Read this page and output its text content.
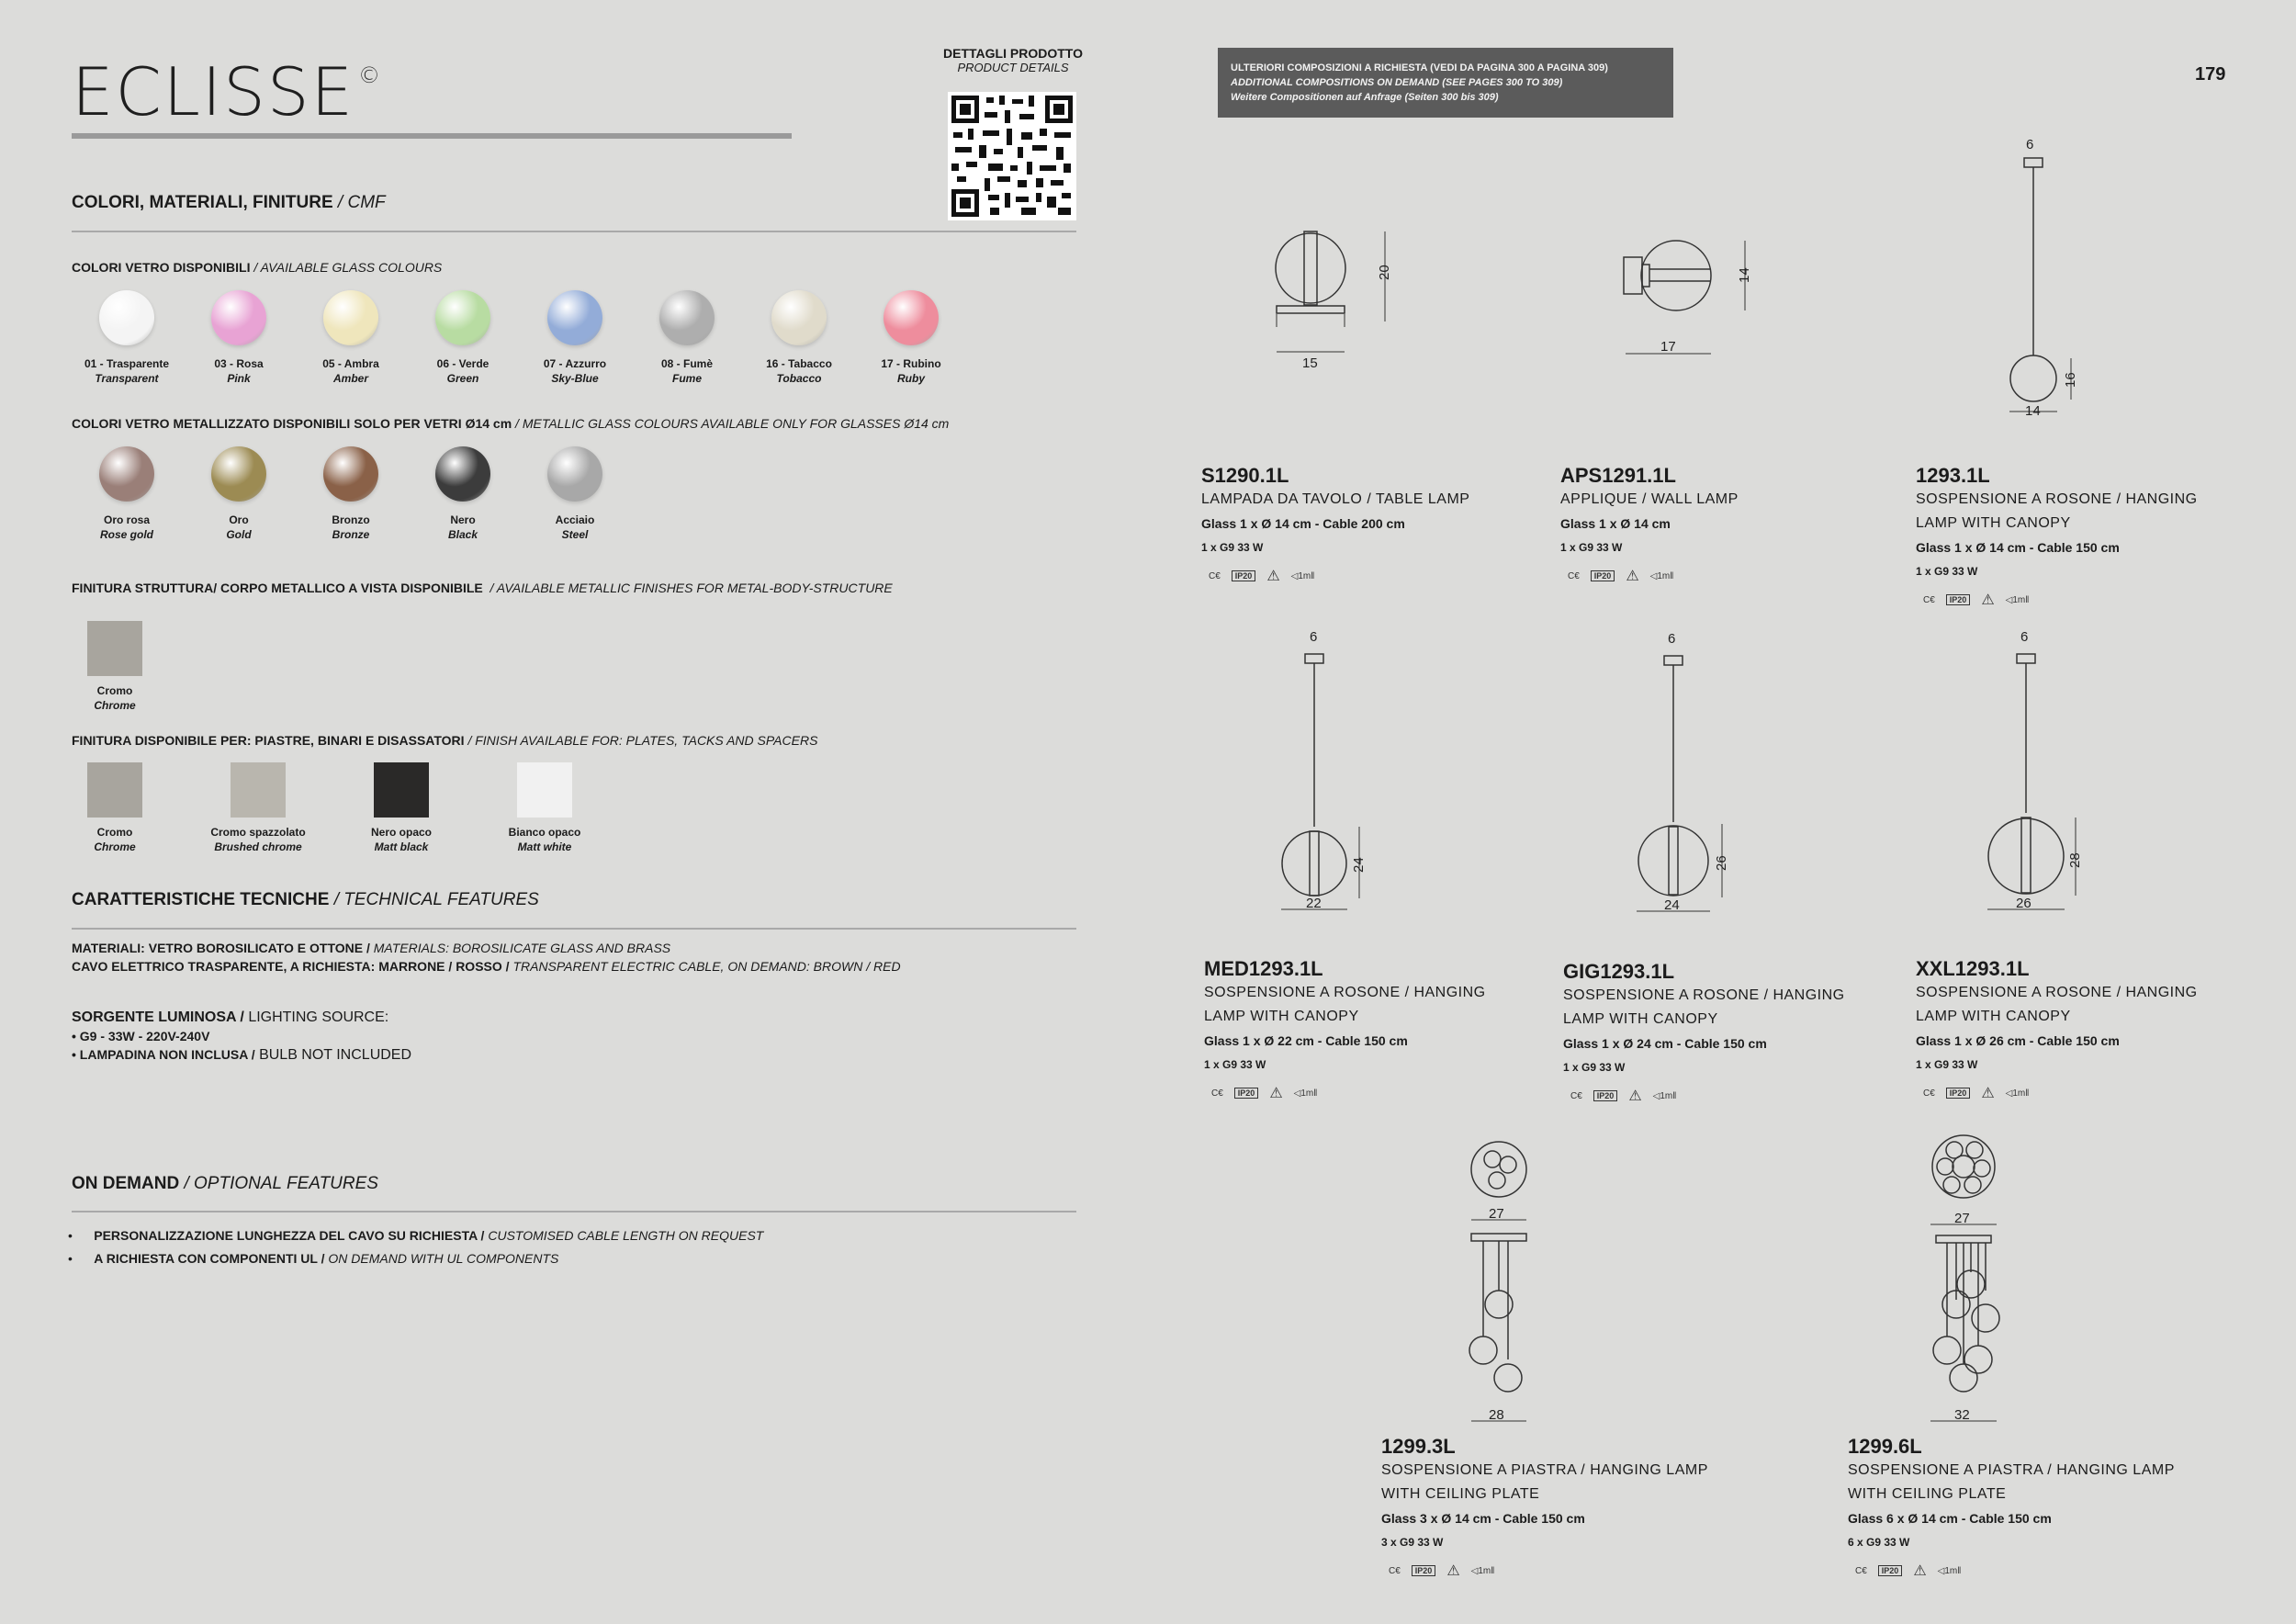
ECLISSE ©
DETTAGLI PRODOTTO
PRODUCT DETAILS
COLORI, MATERIALI, FINITURE / CMF
COLORI VETRO DISPONIBILI / AVAILABLE GLASS COLOURS
01 - Trasparente
Transparent
03 - Rosa
Pink
05 - Ambra
Amber
06 - Verde
Green
07 - Azzurro
Sky-Blue
08 - Fumè
Fume
16 - Tabacco
Tobacco
17 - Rubino
Ruby
COLORI VETRO METALLIZZATO DISPONIBILI SOLO PER VETRI Ø14 cm / METALLIC GLASS COLOURS AVAILABLE ONLY FOR GLASSES Ø14 cm
Oro rosa
Rose gold
Oro
Gold
Bronzo
Bronze
Nero
Black
Acciaio
Steel
FINITURA STRUTTURA/ CORPO METALLICO A VISTA DISPONIBILE / AVAILABLE METALLIC FINISHES FOR METAL-BODY-STRUCTURE
Cromo
Chrome
FINITURA DISPONIBILE PER: PIASTRE, BINARI E DISASSATORI / FINISH AVAILABLE FOR: PLATES, TACKS AND SPACERS
Cromo
Chrome
Cromo spazzolato
Brushed chrome
Nero opaco
Matt black
Bianco opaco
Matt white
CARATTERISTICHE TECNICHE / TECHNICAL FEATURES
MATERIALI: VETRO BOROSILICATO E OTTONE / MATERIALS: BOROSILICATE GLASS AND BRASS
CAVO ELETTRICO TRASPARENTE, A RICHIESTA: MARRONE / ROSSO / TRANSPARENT ELECTRIC CABLE, ON DEMAND: BROWN / RED
SORGENTE LUMINOSA / LIGHTING SOURCE:
• G9 - 33W - 220V-240V
• LAMPADINA NON INCLUSA / BULB NOT INCLUDED
ON DEMAND / OPTIONAL FEATURES
•      PERSONALIZZAZIONE LUNGHEZZA DEL CAVO SU RICHIESTA / CUSTOMISED CABLE LENGTH ON REQUEST
•      A RICHIESTA CON COMPONENTI UL / ON DEMAND WITH UL COMPONENTS
ULTERIORI COMPOSIZIONI A RICHIESTA (VEDI DA PAGINA 300 A PAGINA 309)
ADDITIONAL COMPOSITIONS ON DEMAND (SEE PAGES 300 TO 309)
Weitere Compositionen auf Anfrage (Seiten 300 bis 309)
179
15
20
17
14
6
14
16
6
22
24
6
24
26
6
26
28
27
28
27
32
S1290.1L
LAMPADA DA TAVOLO / TABLE LAMP
Glass 1 x Ø 14 cm - Cable 200 cm
1 x G9 33 W
C€	IP20 ⚠ ◁1m‖
APS1291.1L
APPLIQUE / WALL LAMP
Glass 1 x Ø 14 cm
1 x G9 33 W
C€	IP20 ⚠ ◁1m‖
1293.1L
SOSPENSIONE A ROSONE / HANGING
LAMP WITH CANOPY
Glass 1 x Ø 14 cm - Cable 150 cm
1 x G9 33 W
C€	IP20 ⚠ ◁1m‖
MED1293.1L
SOSPENSIONE A ROSONE / HANGING
LAMP WITH CANOPY
Glass 1 x Ø 22 cm - Cable 150 cm
1 x G9 33 W
C€	IP20 ⚠ ◁1m‖
GIG1293.1L
SOSPENSIONE A ROSONE / HANGING
LAMP WITH CANOPY
Glass 1 x Ø 24 cm - Cable 150 cm
1 x G9 33 W
C€	IP20 ⚠ ◁1m‖
XXL1293.1L
SOSPENSIONE A ROSONE / HANGING
LAMP WITH CANOPY
Glass 1 x Ø 26 cm - Cable 150 cm
1 x G9 33 W
C€	IP20 ⚠ ◁1m‖
1299.3L
SOSPENSIONE A PIASTRA / HANGING LAMP
WITH CEILING PLATE
Glass 3 x Ø 14 cm - Cable 150 cm
3 x G9 33 W
C€	IP20 ⚠ ◁1m‖
1299.6L
SOSPENSIONE A PIASTRA / HANGING LAMP
WITH CEILING PLATE
Glass 6 x Ø 14 cm - Cable 150 cm
6 x G9 33 W
C€	IP20 ⚠ ◁1m‖
